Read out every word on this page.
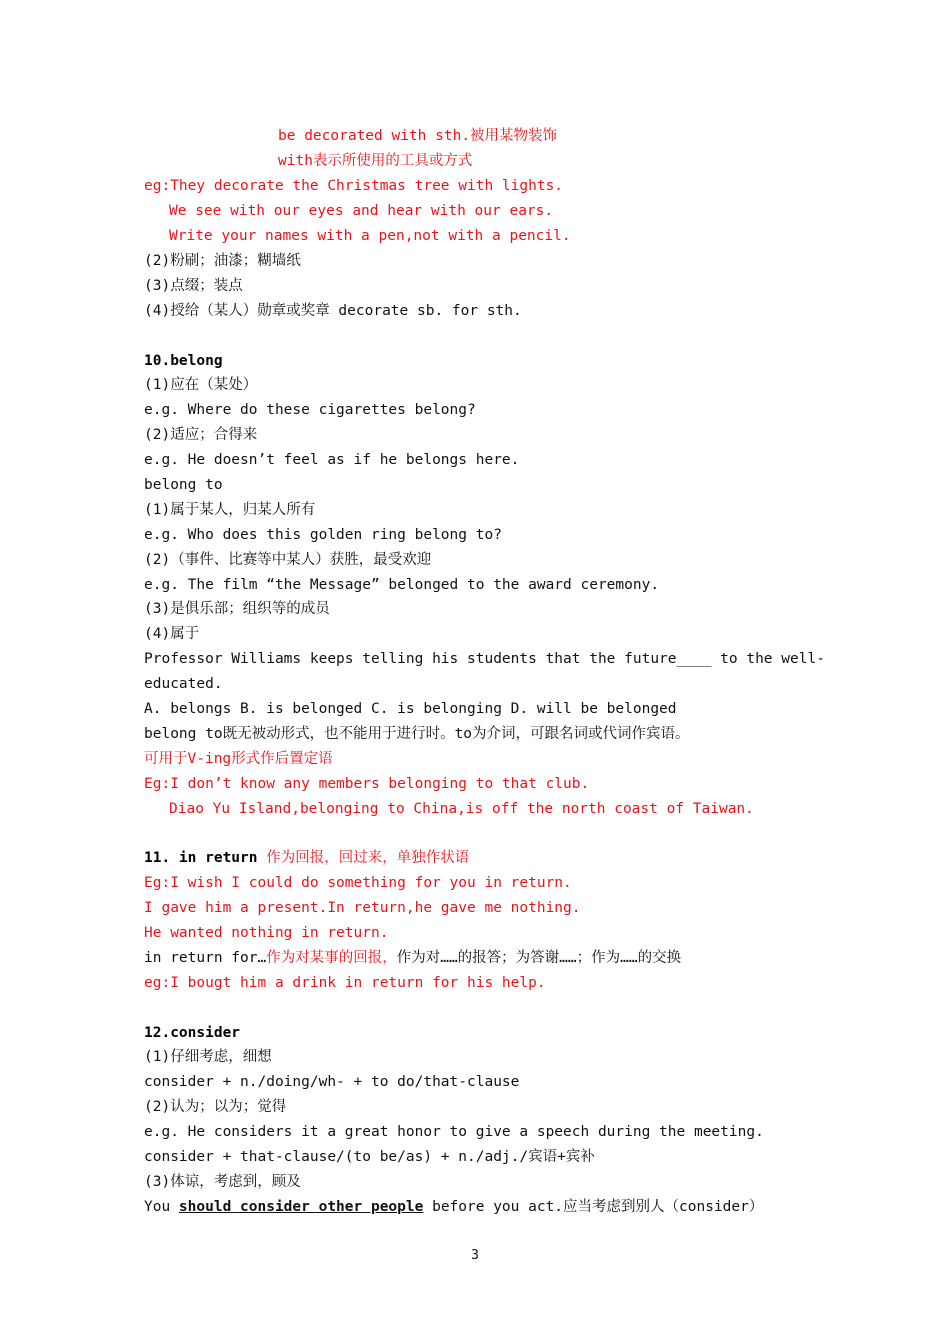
be decorated with sth.被用某物装饰
with表示所使用的工具或方式
eg:They decorate the Christmas tree with lights.
We see with our eyes and hear with our ears.
Write your names with a pen,not with a pencil.
(2)粉刷；油漆；糊墙纸
(3)点缀；装点
(4)授给（某人）勋章或奖章 decorate sb. for sth.
10.belong
(1)应在（某处）
e.g. Where do these cigarettes belong?
(2)适应；合得来
e.g. He doesn’t feel as if he belongs here.
belong to
(1)属于某人，归某人所有
e.g. Who does this golden ring belong to?
(2)（事件、比赛等中某人）获胜，最受欢迎
e.g. The film “the Message” belonged to the award ceremony.
(3)是俱乐部；组织等的成员
(4)属于
Professor Williams keeps telling his students that the future____ to the well-
educated.
A. belongs B. is belonged C. is belonging D. will be belonged
belong to既无被动形式，也不能用于进行时。to为介词，可跟名词或代词作宾语。
可用于V-ing形式作后置定语
Eg:I don’t know any members belonging to that club.
Diao Yu Island,belonging to China,is off the north coast of Taiwan.
11. in return 作为回报，回过来，单独作状语
Eg:I wish I could do something for you in return.
I gave him a present.In return,he gave me nothing.
He wanted nothing in return.
in return for…作为对某事的回报，作为对……的报答；为答谢……；作为……的交换
eg:I bougt him a drink in return for his help.
12.consider
(1)仔细考虑，细想
consider + n./doing/wh- + to do/that-clause
(2)认为；以为；觉得
e.g. He considers it a great honor to give a speech during the meeting.
consider + that-clause/(to be/as) + n./adj./宾语+宾补
(3)体谅，考虑到，顾及
You should consider other people before you act.应当考虑到别人（consider）
3
